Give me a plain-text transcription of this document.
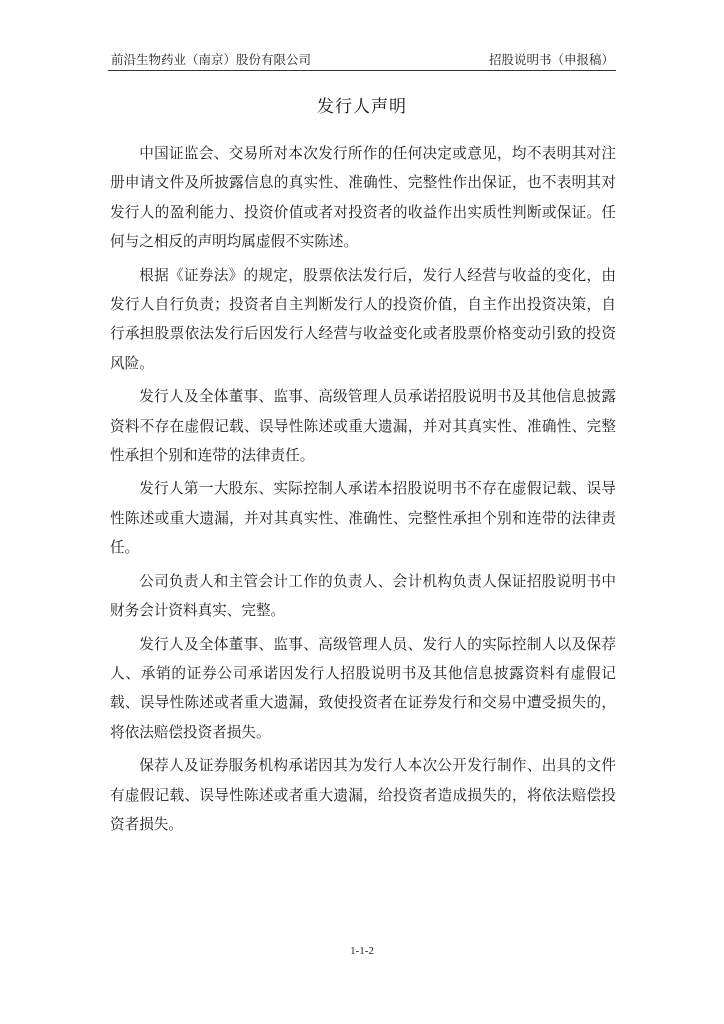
前沿生物药业（南京）股份有限公司	招股说明书（申报稿）
发行人声明

中国证监会、交易所对本次发行所作的任何决定或意见，均不表明其对注册申请文件及所披露信息的真实性、准确性、完整性作出保证，也不表明其对发行人的盈利能力、投资价值或者对投资者的收益作出实质性判断或保证。任何与之相反的声明均属虚假不实陈述。

根据《证券法》的规定，股票依法发行后，发行人经营与收益的变化，由发行人自行负责；投资者自主判断发行人的投资价值，自主作出投资决策，自行承担股票依法发行后因发行人经营与收益变化或者股票价格变动引致的投资风险。

发行人及全体董事、监事、高级管理人员承诺招股说明书及其他信息披露资料不存在虚假记载、误导性陈述或重大遗漏，并对其真实性、准确性、完整性承担个别和连带的法律责任。

发行人第一大股东、实际控制人承诺本招股说明书不存在虚假记载、误导性陈述或重大遗漏，并对其真实性、准确性、完整性承担个别和连带的法律责任。

公司负责人和主管会计工作的负责人、会计机构负责人保证招股说明书中财务会计资料真实、完整。

发行人及全体董事、监事、高级管理人员、发行人的实际控制人以及保荐人、承销的证券公司承诺因发行人招股说明书及其他信息披露资料有虚假记载、误导性陈述或者重大遗漏，致使投资者在证券发行和交易中遭受损失的，将依法赔偿投资者损失。

保荐人及证券服务机构承诺因其为发行人本次公开发行制作、出具的文件有虚假记载、误导性陈述或者重大遗漏，给投资者造成损失的，将依法赔偿投资者损失。

1-1-2
